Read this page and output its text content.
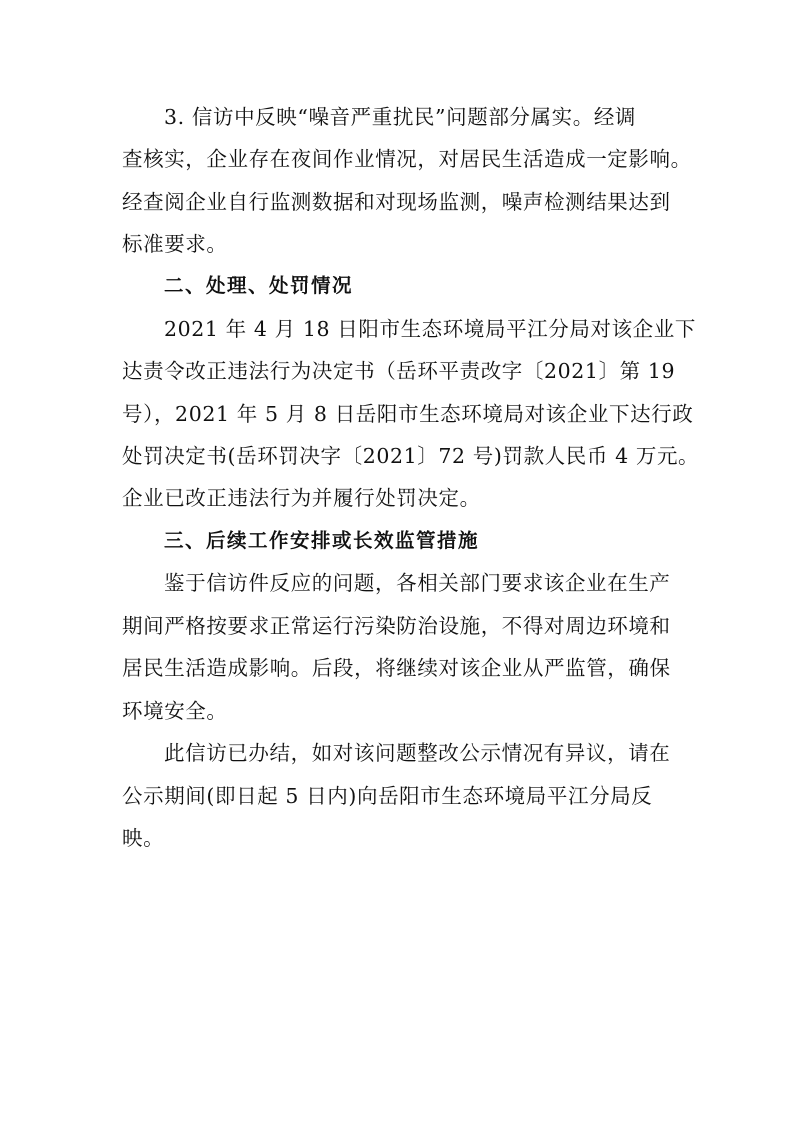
3. 信访中反映“噪音严重扰民”问题部分属实。经调
查核实，企业存在夜间作业情况，对居民生活造成一定影响。
经查阅企业自行监测数据和对现场监测，噪声检测结果达到
标准要求。
二、处理、处罚情况
2021 年 4 月 18 日阳市生态环境局平江分局对该企业下
达责令改正违法行为决定书（岳环平责改字〔2021〕第 19
号），2021 年 5 月 8 日岳阳市生态环境局对该企业下达行政
处罚决定书(岳环罚决字〔2021〕72 号)罚款人民币 4 万元。
企业已改正违法行为并履行处罚决定。
三、后续工作安排或长效监管措施
鉴于信访件反应的问题，各相关部门要求该企业在生产
期间严格按要求正常运行污染防治设施，不得对周边环境和
居民生活造成影响。后段，将继续对该企业从严监管，确保
环境安全。
此信访已办结，如对该问题整改公示情况有异议，请在
公示期间(即日起 5 日内)向岳阳市生态环境局平江分局反
映。
